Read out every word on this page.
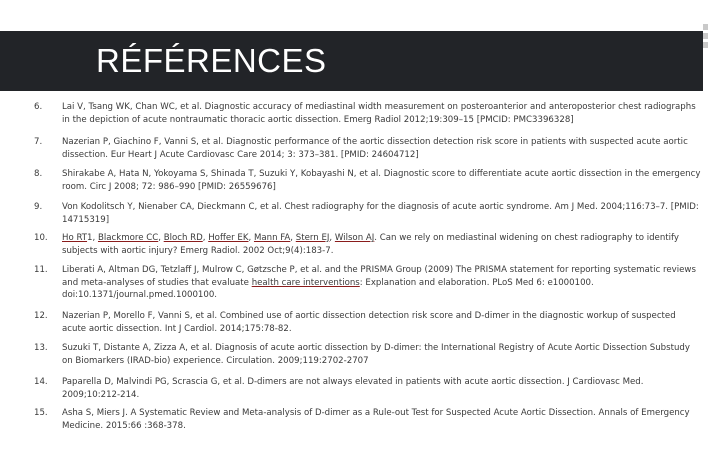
RÉFÉRENCES
6.	Lai V, Tsang WK, Chan WC, et al. Diagnostic accuracy of mediastinal width measurement on posteroanterior and anteroposterior chest radiographs in the depiction of acute nontraumatic thoracic aortic dissection. Emerg Radiol 2012;19:309–15 [PMCID: PMC3396328]
7.	Nazerian P, Giachino F, Vanni S, et al. Diagnostic performance of the aortic dissection detection risk score in patients with suspected acute aortic dissection. Eur Heart J Acute Cardiovasc Care 2014; 3: 373–381. [PMID: 24604712]
8.	Shirakabe A, Hata N, Yokoyama S, Shinada T, Suzuki Y, Kobayashi N, et al. Diagnostic score to differentiate acute aortic dissection in the emergency room. Circ J 2008; 72: 986–990 [PMID: 26559676]
9.	Von Kodolitsch Y, Nienaber CA, Dieckmann C, et al. Chest radiography for the diagnosis of acute aortic syndrome. Am J Med. 2004;116:73–7. [PMID: 14715319]
10.	Ho RT1, Blackmore CC, Bloch RD, Hoffer EK, Mann FA, Stern EJ, Wilson AJ. Can we rely on mediastinal widening on chest radiography to identify subjects with aortic injury? Emerg Radiol. 2002 Oct;9(4):183-7.
11.	Liberati A, Altman DG, Tetzlaff J, Mulrow C, Gøtzsche P, et al. and the PRISMA Group (2009) The PRISMA statement for reporting systematic reviews and meta-analyses of studies that evaluate health care interventions: Explanation and elaboration. PLoS Med 6: e1000100. doi:10.1371/journal.pmed.1000100.
12.	Nazerian P, Morello F, Vanni S, et al. Combined use of aortic dissection detection risk score and D-dimer in the diagnostic workup of suspected acute aortic dissection. Int J Cardiol. 2014;175:78-82.
13.	Suzuki T, Distante A, Zizza A, et al. Diagnosis of acute aortic dissection by D-dimer: the International Registry of Acute Aortic Dissection Substudy on Biomarkers (IRAD-bio) experience. Circulation. 2009;119:2702-2707
14.	Paparella D, Malvindi PG, Scrascia G, et al. D-dimers are not always elevated in patients with acute aortic dissection. J Cardiovasc Med. 2009;10:212-214.
15.	Asha S, Miers J. A Systematic Review and Meta-analysis of D-dimer as a Rule-out Test for Suspected Acute Aortic Dissection. Annals of Emergency Medicine. 2015:66 :368-378.
